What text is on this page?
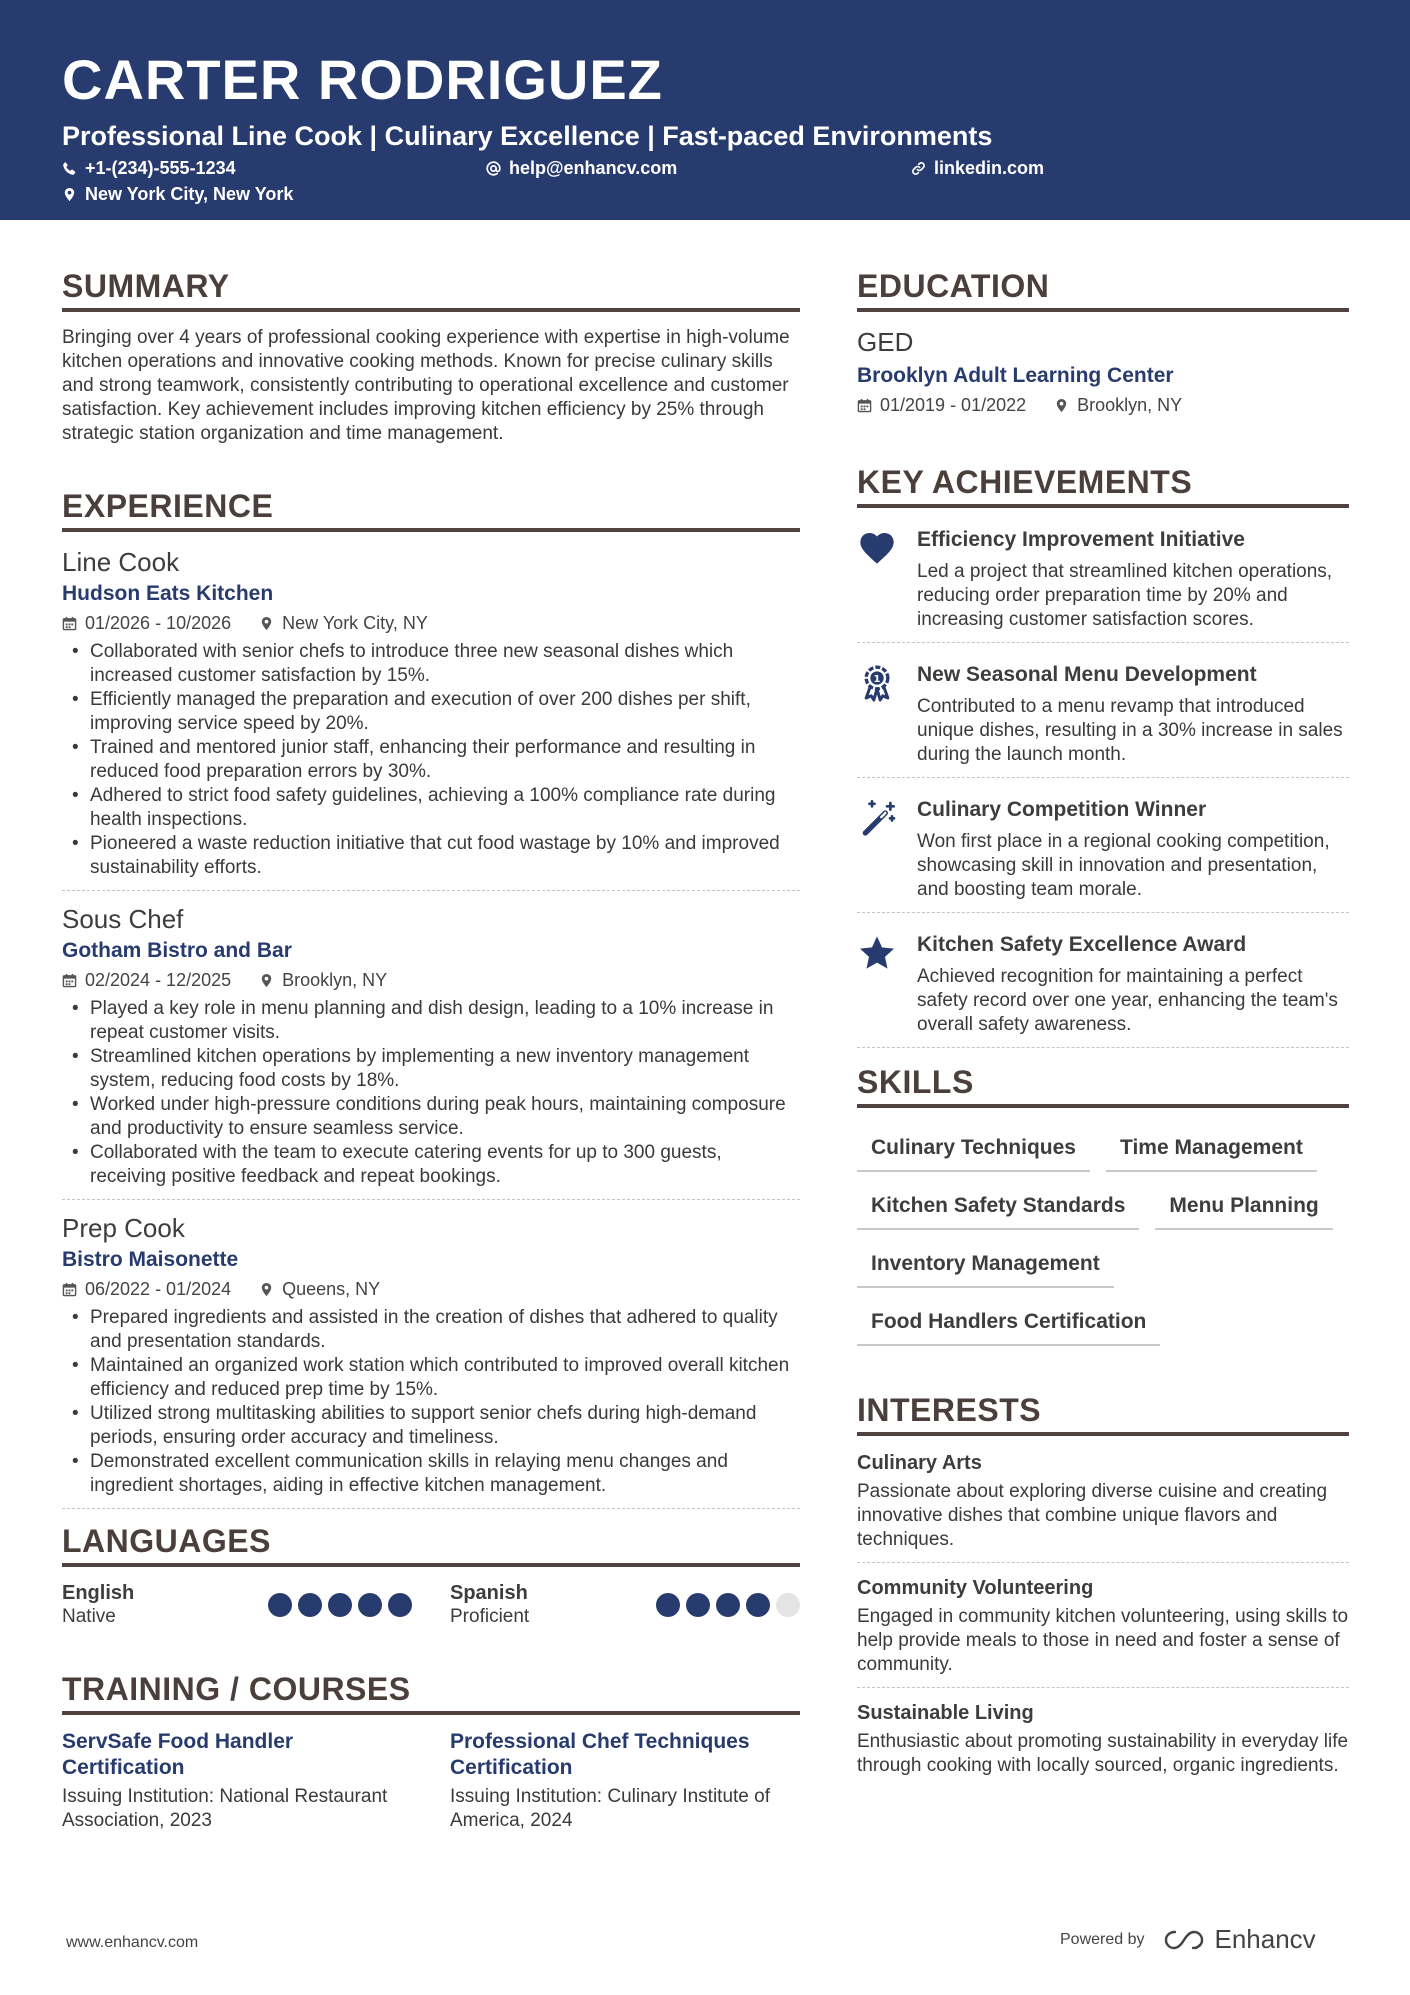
CARTER RODRIGUEZ
Professional Line Cook | Culinary Excellence | Fast-paced Environments
+1-(234)-555-1234	help@enhancv.com	linkedin.com
New York City, New York
SUMMARY
Bringing over 4 years of professional cooking experience with expertise in high-volume kitchen operations and innovative cooking methods. Known for precise culinary skills and strong teamwork, consistently contributing to operational excellence and customer satisfaction. Key achievement includes improving kitchen efficiency by 25% through strategic station organization and time management.
EXPERIENCE
Line Cook
Hudson Eats Kitchen
01/2026 - 10/2026	New York City, NY
• Collaborated with senior chefs to introduce three new seasonal dishes which increased customer satisfaction by 15%.
• Efficiently managed the preparation and execution of over 200 dishes per shift, improving service speed by 20%.
• Trained and mentored junior staff, enhancing their performance and resulting in reduced food preparation errors by 30%.
• Adhered to strict food safety guidelines, achieving a 100% compliance rate during health inspections.
• Pioneered a waste reduction initiative that cut food wastage by 10% and improved sustainability efforts.
Sous Chef
Gotham Bistro and Bar
02/2024 - 12/2025	Brooklyn, NY
• Played a key role in menu planning and dish design, leading to a 10% increase in repeat customer visits.
• Streamlined kitchen operations by implementing a new inventory management system, reducing food costs by 18%.
• Worked under high-pressure conditions during peak hours, maintaining composure and productivity to ensure seamless service.
• Collaborated with the team to execute catering events for up to 300 guests, receiving positive feedback and repeat bookings.
Prep Cook
Bistro Maisonette
06/2022 - 01/2024	Queens, NY
• Prepared ingredients and assisted in the creation of dishes that adhered to quality and presentation standards.
• Maintained an organized work station which contributed to improved overall kitchen efficiency and reduced prep time by 15%.
• Utilized strong multitasking abilities to support senior chefs during high-demand periods, ensuring order accuracy and timeliness.
• Demonstrated excellent communication skills in relaying menu changes and ingredient shortages, aiding in effective kitchen management.
LANGUAGES
English
Native
Spanish
Proficient
TRAINING / COURSES
ServSafe Food Handler Certification
Issuing Institution: National Restaurant Association, 2023
Professional Chef Techniques Certification
Issuing Institution: Culinary Institute of America, 2024
EDUCATION
GED
Brooklyn Adult Learning Center
01/2019 - 01/2022	Brooklyn, NY
KEY ACHIEVEMENTS
Efficiency Improvement Initiative
Led a project that streamlined kitchen operations, reducing order preparation time by 20% and increasing customer satisfaction scores.
1 New Seasonal Menu Development
Contributed to a menu revamp that introduced unique dishes, resulting in a 30% increase in sales during the launch month.
Culinary Competition Winner
Won first place in a regional cooking competition, showcasing skill in innovation and presentation, and boosting team morale.
Kitchen Safety Excellence Award
Achieved recognition for maintaining a perfect safety record over one year, enhancing the team's overall safety awareness.
SKILLS
Culinary Techniques	Time Management
Kitchen Safety Standards	Menu Planning
Inventory Management
Food Handlers Certification
INTERESTS
Culinary Arts
Passionate about exploring diverse cuisine and creating innovative dishes that combine unique flavors and techniques.
Community Volunteering
Engaged in community kitchen volunteering, using skills to help provide meals to those in need and foster a sense of community.
Sustainable Living
Enthusiastic about promoting sustainability in everyday life through cooking with locally sourced, organic ingredients.
www.enhancv.com	Powered by	Enhancv
